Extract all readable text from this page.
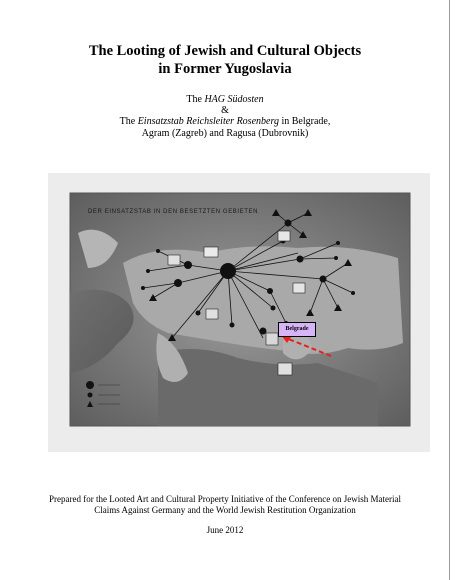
The Looting of Jewish and Cultural Objects
in Former Yugoslavia
The HAG Südosten
&
The Einsatzstab Reichsleiter Rosenberg in Belgrade,
Agram (Zagreb) and Ragusa (Dubrovnik)
DER EINSATZSTAB IN DEN BESETZTEN GEBIETEN
Belgrade
Prepared for the Looted Art and Cultural Property Initiative of the Conference on Jewish Material
Claims Against Germany and the World Jewish Restitution Organization
June 2012
